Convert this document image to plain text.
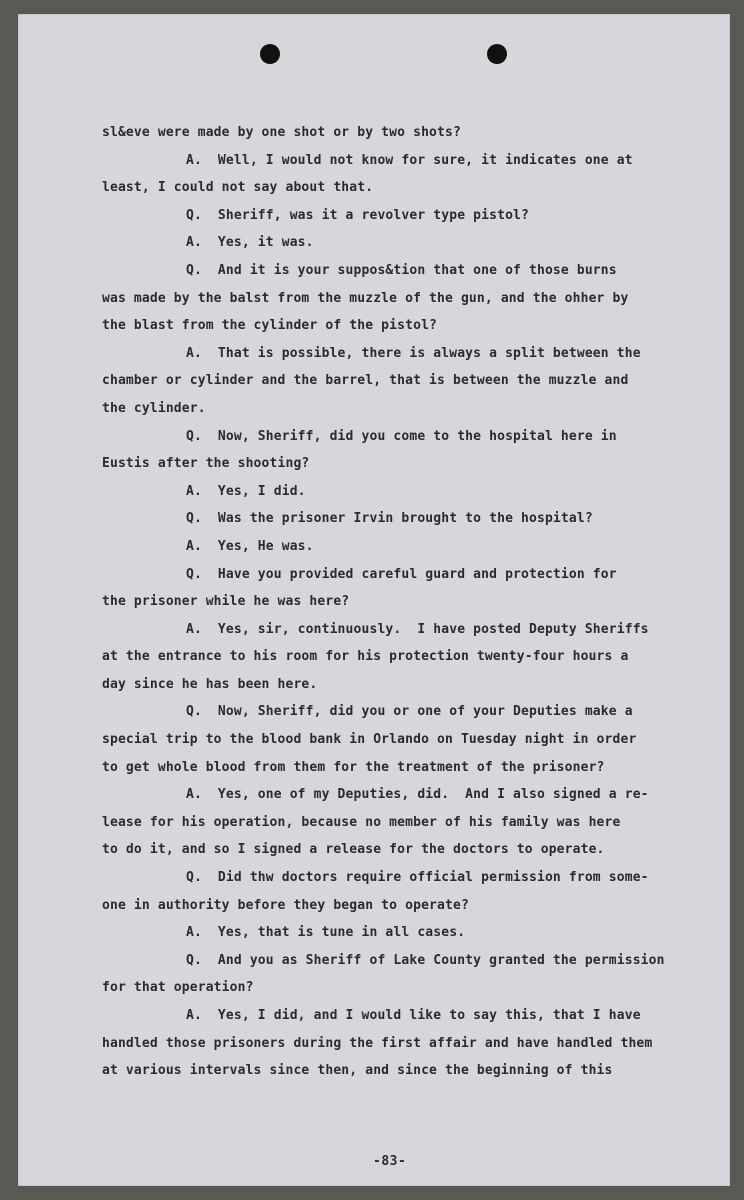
sl&eve were made by one shot or by two shots?
A.  Well, I would not know for sure, it indicates one at
least, I could not say about that.
Q.  Sheriff, was it a revolver type pistol?
A.  Yes, it was.
Q.  And it is your suppos&tion that one of those burns
was made by the balst from the muzzle of the gun, and the ohher by
the blast from the cylinder of the pistol?
A.  That is possible, there is always a split between the
chamber or cylinder and the barrel, that is between the muzzle and
the cylinder.
Q.  Now, Sheriff, did you come to the hospital here in
Eustis after the shooting?
A.  Yes, I did.
Q.  Was the prisoner Irvin brought to the hospital?
A.  Yes, He was.
Q.  Have you provided careful guard and protection for
the prisoner while he was here?
A.  Yes, sir, continuously.  I have posted Deputy Sheriffs
at the entrance to his room for his protection twenty-four hours a
day since he has been here.
Q.  Now, Sheriff, did you or one of your Deputies make a
special trip to the blood bank in Orlando on Tuesday night in order
to get whole blood from them for the treatment of the prisoner?
A.  Yes, one of my Deputies, did.  And I also signed a re-
lease for his operation, because no member of his family was here
to do it, and so I signed a release for the doctors to operate.
Q.  Did thw doctors require official permission from some-
one in authority before they began to operate?
A.  Yes, that is tune in all cases.
Q.  And you as Sheriff of Lake County granted the permission
for that operation?
A.  Yes, I did, and I would like to say this, that I have
handled those prisoners during the first affair and have handled them
at various intervals since then, and since the beginning of this
-83-
